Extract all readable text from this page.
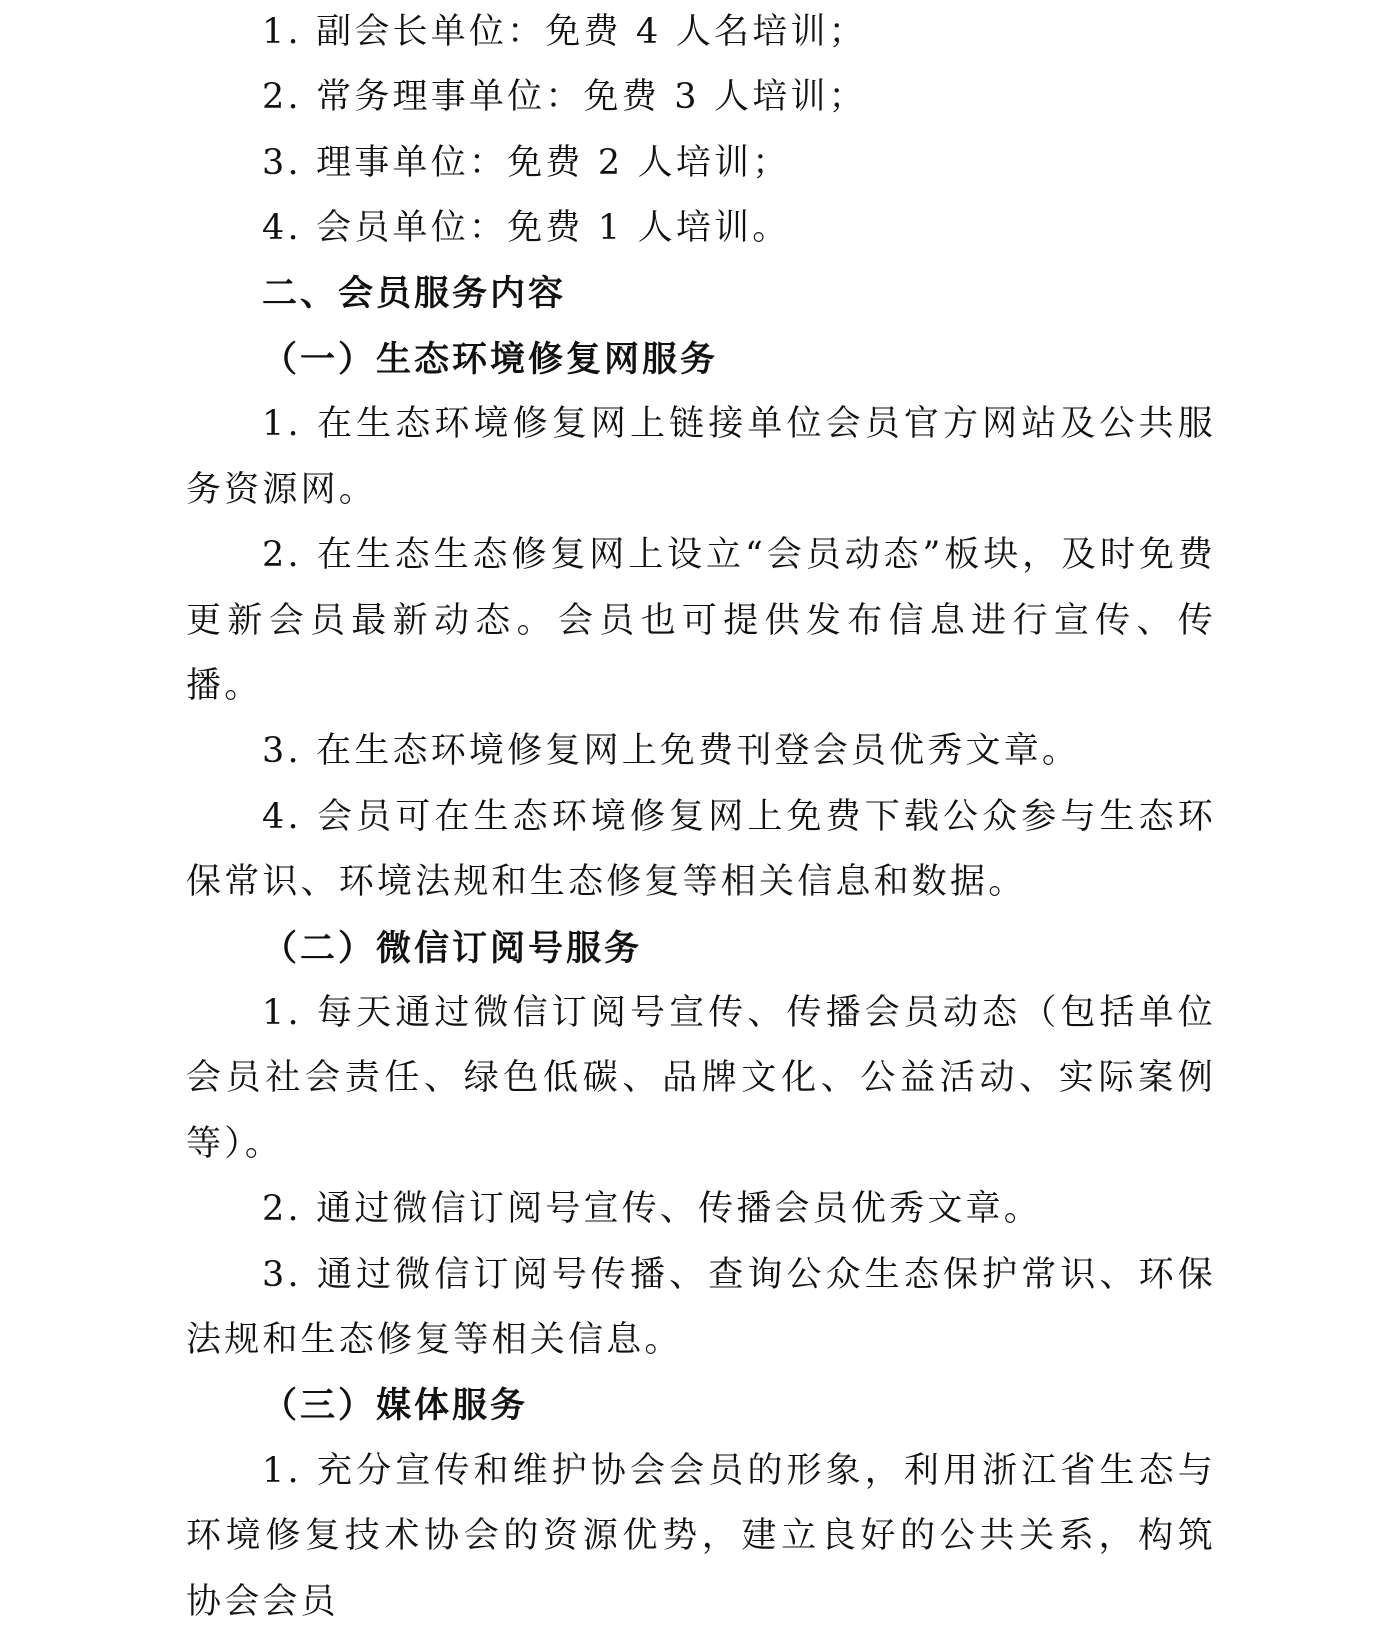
1. 副会长单位：免费 4 人名培训；
2. 常务理事单位：免费 3 人培训；
3. 理事单位：免费 2 人培训；
4. 会员单位：免费 1 人培训。
二、会员服务内容
（一）生态环境修复网服务
1. 在生态环境修复网上链接单位会员官方网站及公共服务资源网。
2. 在生态生态修复网上设立“会员动态”板块，及时免费更新会员最新动态。会员也可提供发布信息进行宣传、传播。
3. 在生态环境修复网上免费刊登会员优秀文章。
4. 会员可在生态环境修复网上免费下载公众参与生态环保常识、环境法规和生态修复等相关信息和数据。
（二）微信订阅号服务
1. 每天通过微信订阅号宣传、传播会员动态（包括单位会员社会责任、绿色低碳、品牌文化、公益活动、实际案例等）。
2. 通过微信订阅号宣传、传播会员优秀文章。
3. 通过微信订阅号传播、查询公众生态保护常识、环保法规和生态修复等相关信息。
（三）媒体服务
1. 充分宣传和维护协会会员的形象，利用浙江省生态与环境修复技术协会的资源优势，建立良好的公共关系，构筑协会会员
